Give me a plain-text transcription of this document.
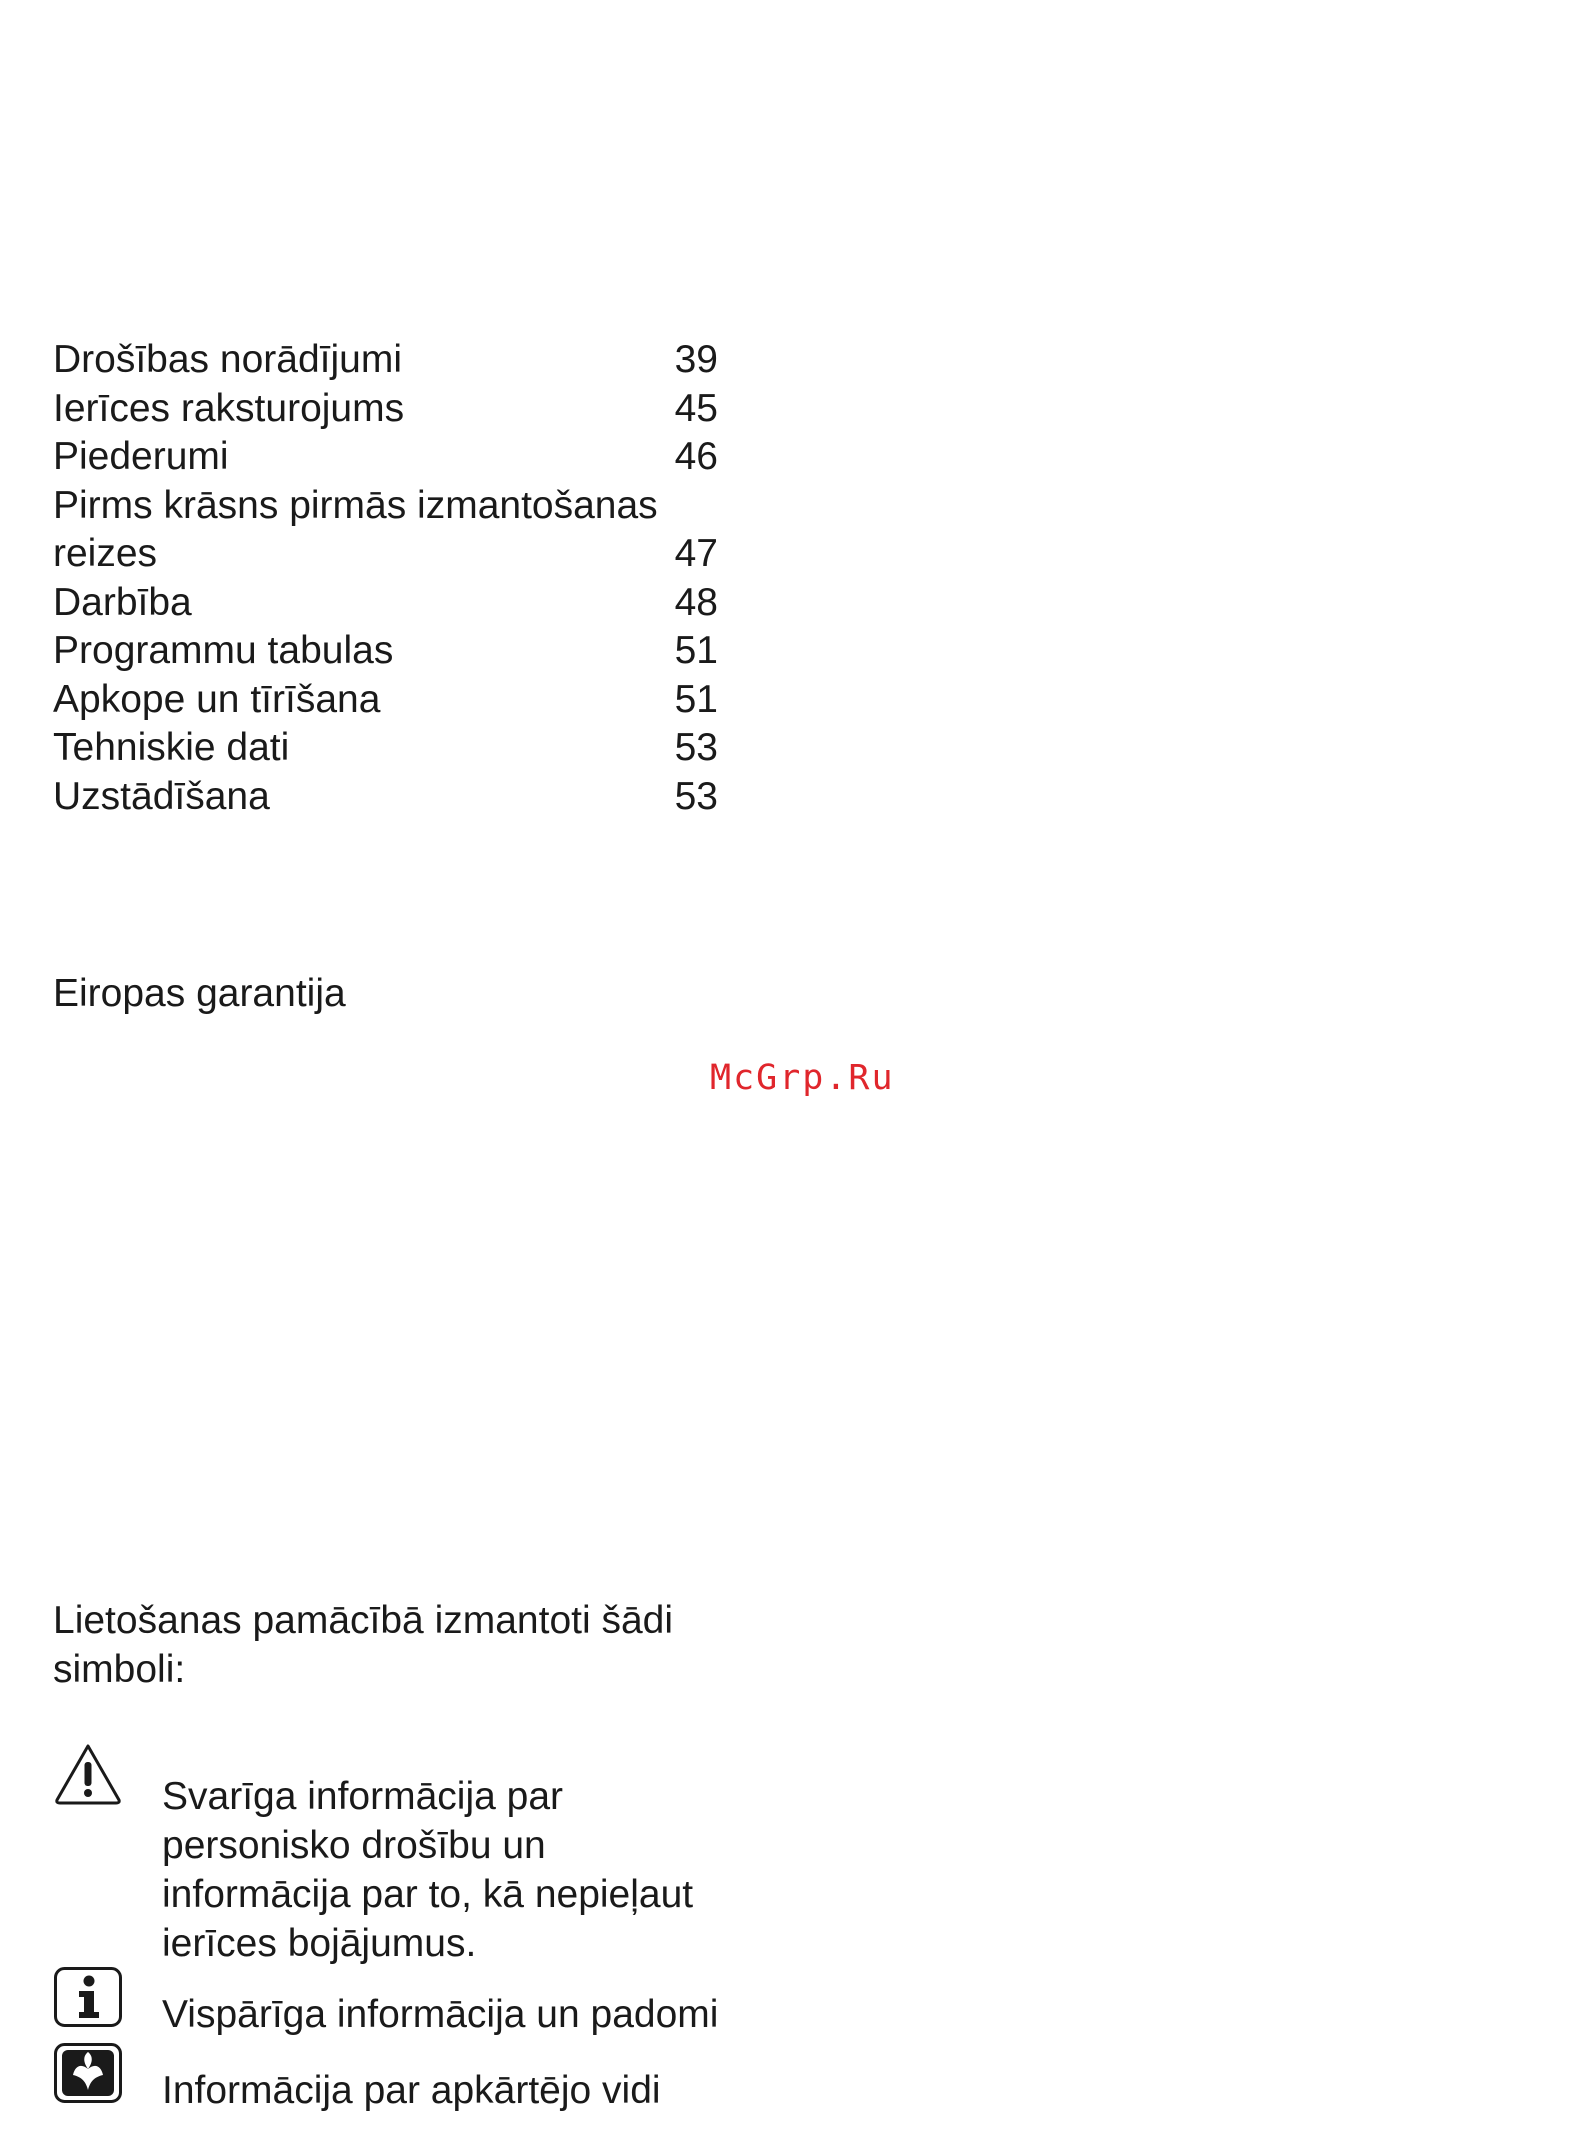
Drošības norādījumi	39
Ierīces raksturojums	45
Piederumi	46
Pirms krāsns pirmās izmantošanas
reizes	47
Darbība	48
Programmu tabulas	51
Apkope un tīrīšana	51
Tehniskie dati	53
Uzstādīšana	53
Eiropas garantija
McGrp.Ru
Lietošanas pamācībā izmantoti šādi
simboli:
Svarīga informācija par
personisko drošību un
informācija par to, kā nepieļaut
ierīces bojājumus.
Vispārīga informācija un padomi
Informācija par apkārtējo vidi
